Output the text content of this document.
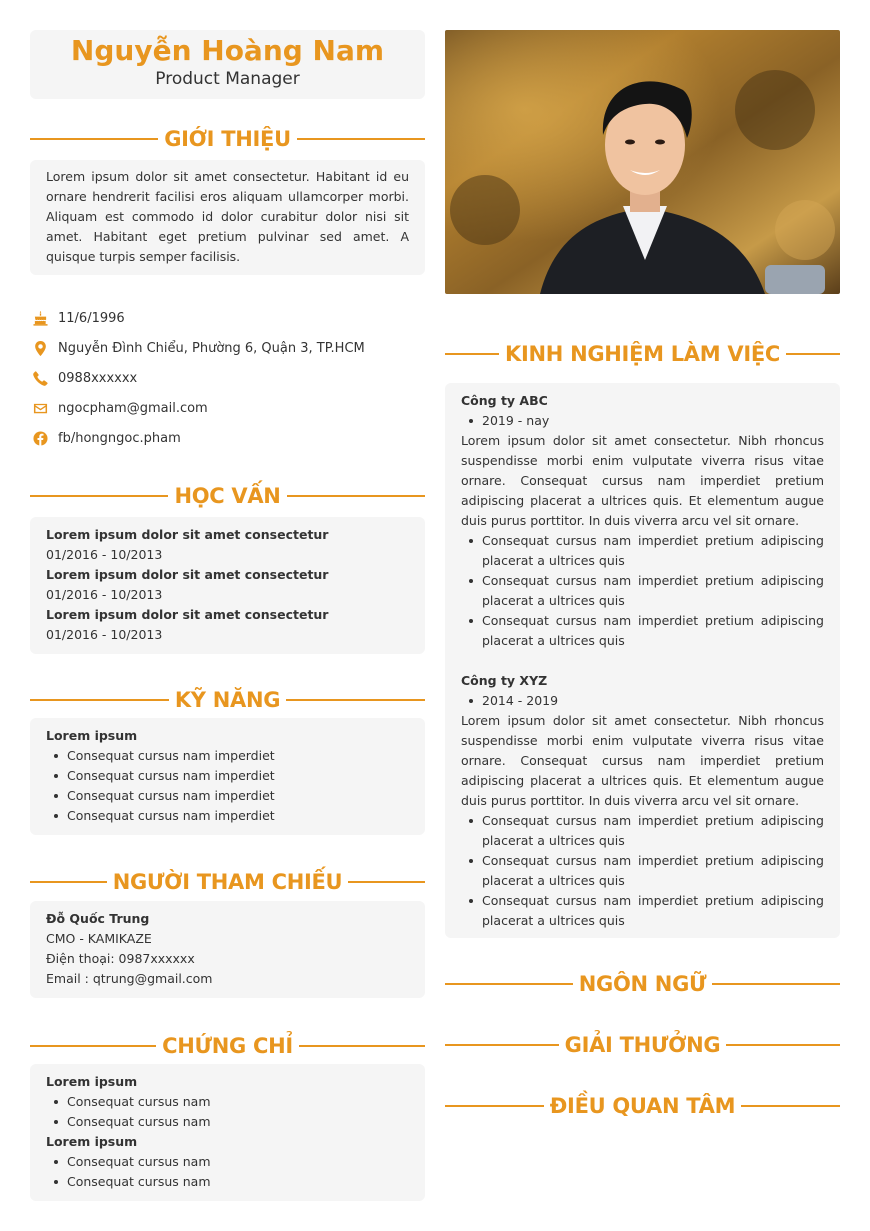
Nguyễn Hoàng Nam
Product Manager
GIỚI THIỆU
Lorem ipsum dolor sit amet consectetur. Habitant id eu ornare hendrerit facilisi eros aliquam ullamcorper morbi. Aliquam est commodo id dolor curabitur dolor nisi sit amet. Habitant eget pretium pulvinar sed amet. A quisque turpis semper facilisis.
11/6/1996
Nguyễn Đình Chiểu, Phường 6, Quận 3, TP.HCM
0988xxxxxx
ngocpham@gmail.com
fb/hongngoc.pham
HỌC VẤN
Lorem ipsum dolor sit amet consectetur
01/2016 - 10/2013
Lorem ipsum dolor sit amet consectetur
01/2016 - 10/2013
Lorem ipsum dolor sit amet consectetur
01/2016 - 10/2013
KỸ NĂNG
Lorem ipsum
Consequat cursus nam imperdiet
Consequat cursus nam imperdiet
Consequat cursus nam imperdiet
Consequat cursus nam imperdiet
NGƯỜI THAM CHIẾU
Đỗ Quốc Trung
CMO - KAMIKAZE
Điện thoại: 0987xxxxxx
Email : qtrung@gmail.com
CHỨNG CHỈ
Lorem ipsum
Consequat cursus nam
Consequat cursus nam
Lorem ipsum
Consequat cursus nam
Consequat cursus nam
KINH NGHIỆM LÀM VIỆC
Công ty ABC
2019 - nay
Lorem ipsum dolor sit amet consectetur. Nibh rhoncus suspendisse morbi enim vulputate viverra risus vitae ornare. Consequat cursus nam imperdiet pretium adipiscing placerat a ultrices quis. Et elementum augue duis purus porttitor. In duis viverra arcu vel sit ornare.
Consequat cursus nam imperdiet pretium adipiscing placerat a ultrices quis
Consequat cursus nam imperdiet pretium adipiscing placerat a ultrices quis
Consequat cursus nam imperdiet pretium adipiscing placerat a ultrices quis
Công ty XYZ
2014 - 2019
Lorem ipsum dolor sit amet consectetur. Nibh rhoncus suspendisse morbi enim vulputate viverra risus vitae ornare. Consequat cursus nam imperdiet pretium adipiscing placerat a ultrices quis. Et elementum augue duis purus porttitor. In duis viverra arcu vel sit ornare.
Consequat cursus nam imperdiet pretium adipiscing placerat a ultrices quis
Consequat cursus nam imperdiet pretium adipiscing placerat a ultrices quis
Consequat cursus nam imperdiet pretium adipiscing placerat a ultrices quis
NGÔN NGỮ
GIẢI THƯỞNG
ĐIỀU QUAN TÂM
